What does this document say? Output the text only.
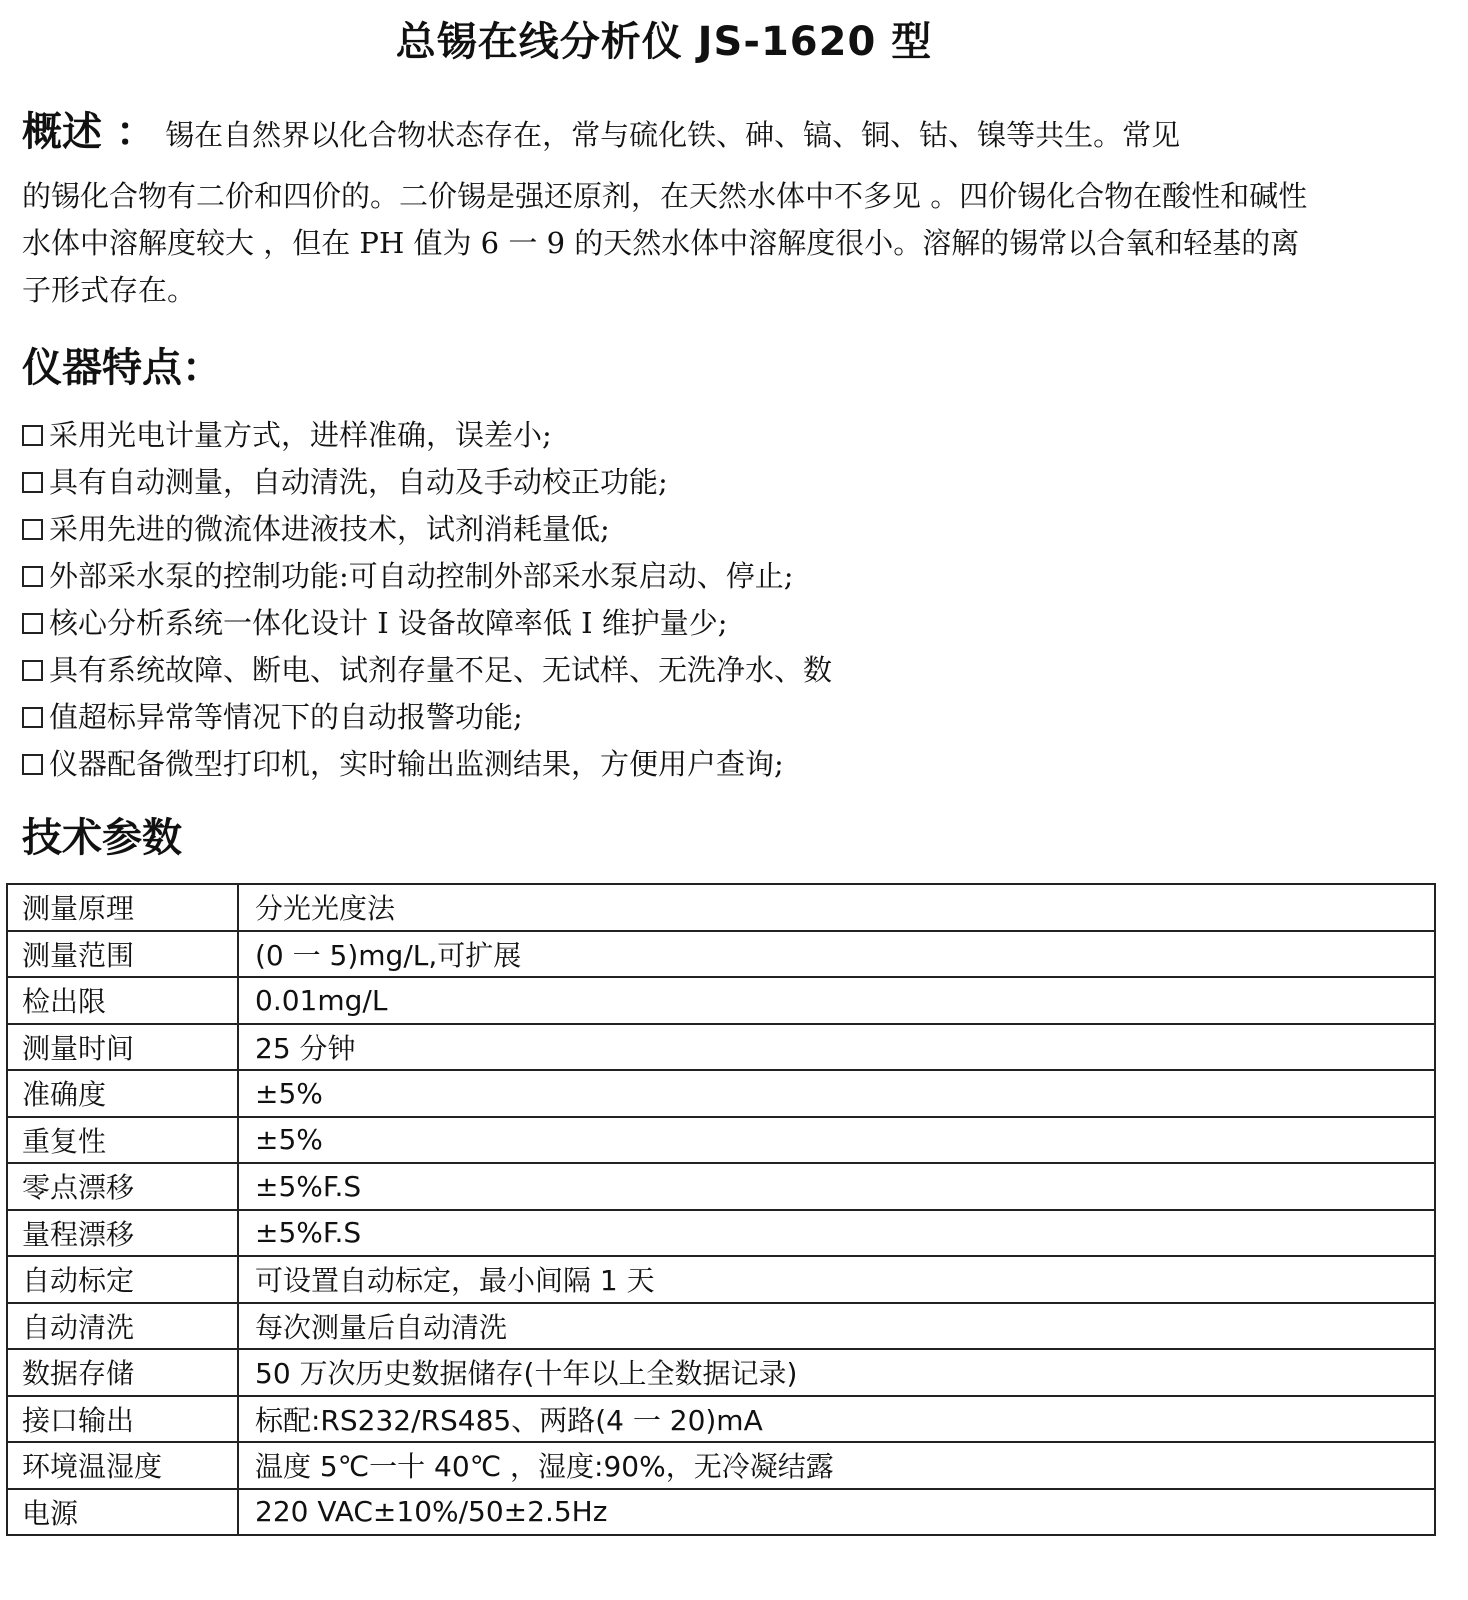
总锡在线分析仪 JS-1620 型
概述 ： 锡在自然界以化合物状态存在，常与硫化铁、砷、镐、铜、钴、镍等共生。常见
的锡化合物有二价和四价的。二价锡是强还原剂，在天然水体中不多见 。四价锡化合物在酸性和碱性水体中溶解度较大 ，但在 PH 值为 6 一 9 的天然水体中溶解度很小。溶解的锡常以合氧和轻基的离子形式存在。
仪器特点：
采用光电计量方式，进样准确，误差小;
具有自动测量，自动清洗，自动及手动校正功能;
采用先进的微流体进液技术，试剂消耗量低;
外部采水泵的控制功能:可自动控制外部采水泵启动、停止;
核心分析系统一体化设计 I 设备故障率低 I 维护量少;
具有系统故障、断电、试剂存量不足、无试样、无洗净水、数
值超标异常等情况下的自动报警功能;
仪器配备微型打印机，实时输出监测结果，方便用户查询;
技术参数
测量原理	分光光度法
测量范围	(0 一 5)mg/L,可扩展
检出限	0.01mg/L
测量时间	25 分钟
准确度	±5%
重复性	±5%
零点漂移	±5%F.S
量程漂移	±5%F.S
自动标定	可设置自动标定，最小间隔 1 天
自动清洗	每次测量后自动清洗
数据存储	50 万次历史数据储存(十年以上全数据记录)
接口输出	标配:RS232/RS485、两路(4 一 20)mA
环境温湿度	温度 5℃一十 40℃ ，湿度:90%，无冷凝结露
电源	220 VAC±10%/50±2.5Hz
